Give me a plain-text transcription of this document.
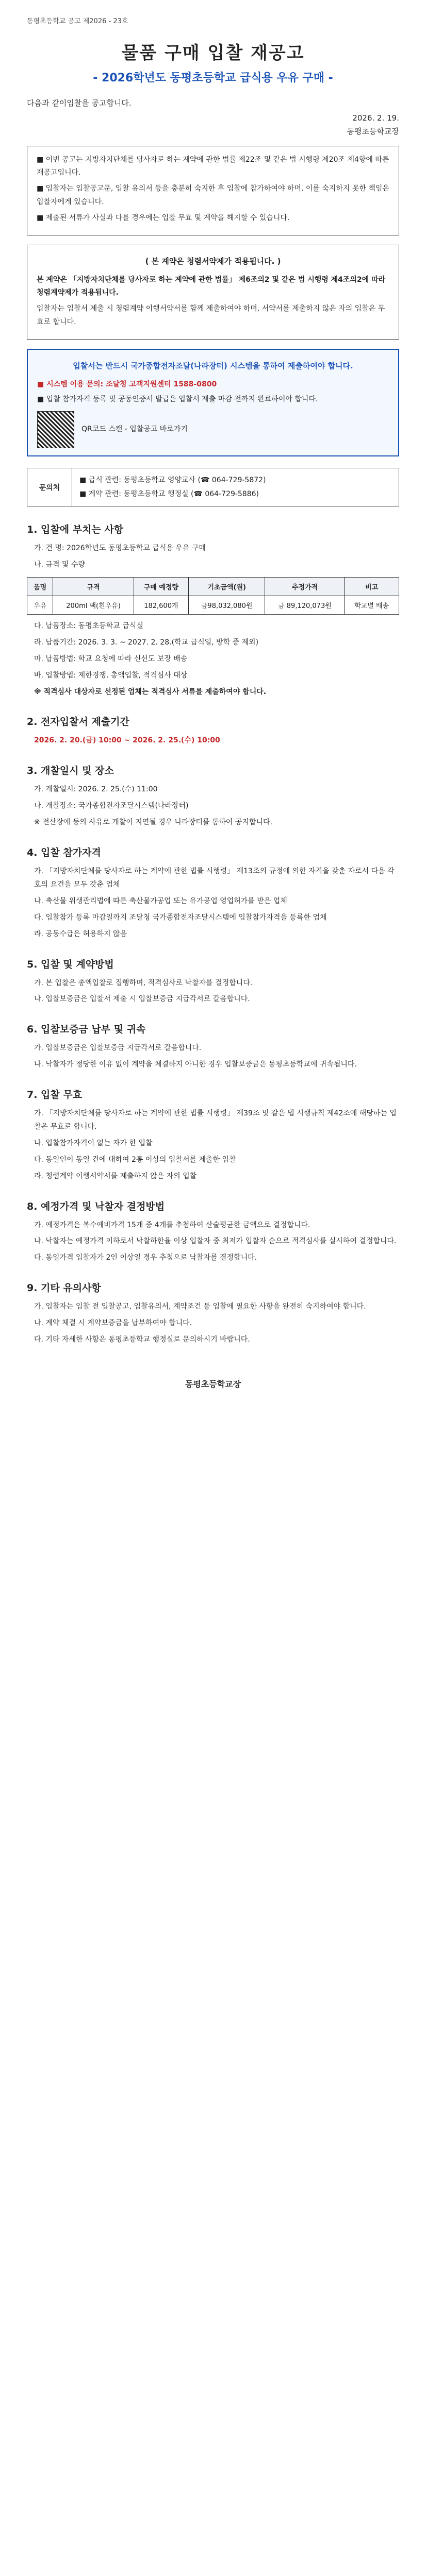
동평초등학교 공고 제2026 - 23호
물품 구매 입찰 재공고
- 2026학년도 동평초등학교 급식용 우유 구매 -
다음과 같이입찰을 공고합니다.
2026. 2. 19.
동평초등학교장

■ 이번 공고는 지방자치단체를 당사자로 하는 계약에 관한 법률 제22조 및 같은 법 시행령 제20조 제4항에 따른 재공고입니다.

■ 입찰자는 입찰공고문, 입찰 유의서 등을 충분히 숙지한 후 입찰에 참가하여야 하며, 이를 숙지하지 못한 책임은 입찰자에게 있습니다.

■ 제출된 서류가 사실과 다를 경우에는 입찰 무효 및 계약을 해지할 수 있습니다.

( 본 계약은 청렴서약제가 적용됩니다. )

본 계약은 「지방자치단체를 당사자로 하는 계약에 관한 법률」 제6조의2 및 같은 법 시행령 제4조의2에 따라 청렴계약제가 적용됩니다.

입찰자는 입찰서 제출 시 청렴계약 이행서약서를 함께 제출하여야 하며, 서약서를 제출하지 않은 자의 입찰은 무효로 합니다.

입찰서는 반드시 국가종합전자조달(나라장터) 시스템을 통하여 제출하여야 합니다.

■ 시스템 이용 문의: 조달청 고객지원센터 1588-0800

■ 입찰 참가자격 등록 및 공동인증서 발급은 입찰서 제출 마감 전까지 완료하여야 합니다.

QR코드 스캔 - 입찰공고 바로가기
문의처
■ 급식 관련: 동평초등학교 영양교사 (☎ 064-729-5872)
■ 계약 관련: 동평초등학교 행정실 (☎ 064-729-5886)
1. 입찰에 부치는 사항

가. 건 명: 2026학년도 동평초등학교 급식용 우유 구매

나. 규격 및 수량

품명	규격	구매 예정량	기초금액(원)	추정가격	비고
우유	200ml 팩(흰우유)	182,600개	금98,032,080원	금 89,120,073원	학교별 배송

다. 납품장소: 동평초등학교 급식실

라. 납품기간: 2026. 3. 3. ~ 2027. 2. 28.(학교 급식일, 방학 중 제외)

마. 납품방법: 학교 요청에 따라 신선도 보장 배송

바. 입찰방법: 제한경쟁, 총액입찰, 적격심사 대상

※ 적격심사 대상자로 선정된 업체는 적격심사 서류를 제출하여야 합니다.

2. 전자입찰서 제출기간

2026. 2. 20.(금) 10:00 ~ 2026. 2. 25.(수) 10:00

3. 개찰일시 및 장소

가. 개찰일시: 2026. 2. 25.(수) 11:00

나. 개찰장소: 국가종합전자조달시스템(나라장터)

※ 전산장애 등의 사유로 개찰이 지연될 경우 나라장터를 통하여 공지합니다.

4. 입찰 참가자격

가. 「지방자치단체를 당사자로 하는 계약에 관한 법률 시행령」 제13조의 규정에 의한 자격을 갖춘 자로서 다음 각 호의 요건을 모두 갖춘 업체

나. 축산물 위생관리법에 따른 축산물가공업 또는 유가공업 영업허가를 받은 업체

다. 입찰참가 등록 마감일까지 조달청 국가종합전자조달시스템에 입찰참가자격을 등록한 업체

라. 공동수급은 허용하지 않음

5. 입찰 및 계약방법

가. 본 입찰은 총액입찰로 집행하며, 적격심사로 낙찰자를 결정합니다.

나. 입찰보증금은 입찰서 제출 시 입찰보증금 지급각서로 갈음합니다.

6. 입찰보증금 납부 및 귀속

가. 입찰보증금은 입찰보증금 지급각서로 갈음합니다.

나. 낙찰자가 정당한 이유 없이 계약을 체결하지 아니한 경우 입찰보증금은 동평초등학교에 귀속됩니다.

7. 입찰 무효

가. 「지방자치단체를 당사자로 하는 계약에 관한 법률 시행령」 제39조 및 같은 법 시행규칙 제42조에 해당하는 입찰은 무효로 합니다.

나. 입찰참가자격이 없는 자가 한 입찰

다. 동일인이 동일 건에 대하여 2통 이상의 입찰서를 제출한 입찰

라. 청렴계약 이행서약서를 제출하지 않은 자의 입찰

8. 예정가격 및 낙찰자 결정방법

가. 예정가격은 복수예비가격 15개 중 4개를 추첨하여 산술평균한 금액으로 결정합니다.

나. 낙찰자는 예정가격 이하로서 낙찰하한율 이상 입찰자 중 최저가 입찰자 순으로 적격심사를 실시하여 결정합니다.

다. 동일가격 입찰자가 2인 이상일 경우 추첨으로 낙찰자를 결정합니다.

9. 기타 유의사항

가. 입찰자는 입찰 전 입찰공고, 입찰유의서, 계약조건 등 입찰에 필요한 사항을 완전히 숙지하여야 합니다.

나. 계약 체결 시 계약보증금을 납부하여야 합니다.

다. 기타 자세한 사항은 동평초등학교 행정실로 문의하시기 바랍니다.

동평초등학교장
